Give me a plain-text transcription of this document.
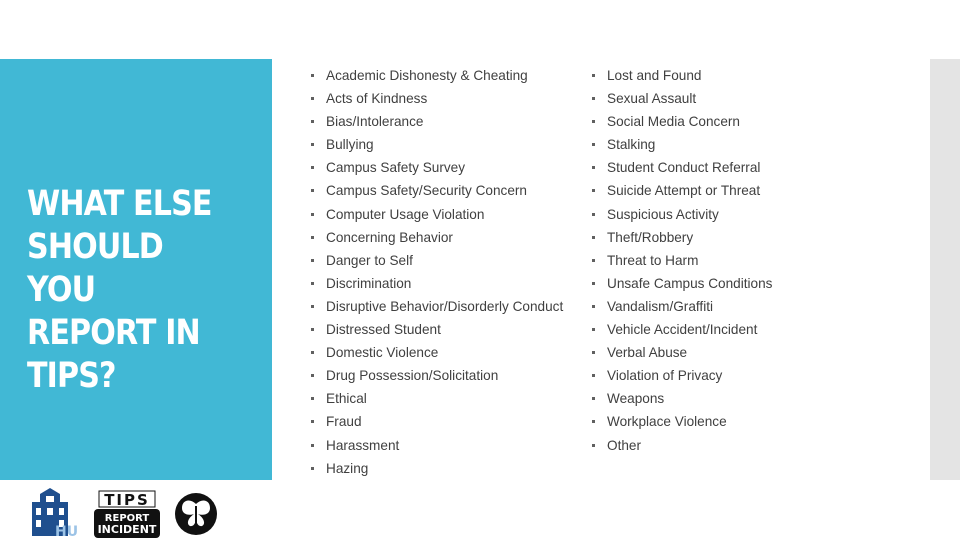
WHAT ELSE
SHOULD YOU
REPORT IN
TIPS?
Academic Dishonesty & Cheating
Acts of Kindness
Bias/Intolerance
Bullying
Campus Safety Survey
Campus Safety/Security Concern
Computer Usage Violation
Concerning Behavior
Danger to Self
Discrimination
Disruptive Behavior/Disorderly Conduct
Distressed Student
Domestic Violence
Drug Possession/Solicitation
Ethical
Fraud
Harassment
Hazing
Lost and Found
Sexual Assault
Social Media Concern
Stalking
Student Conduct Referral
Suicide Attempt or Threat
Suspicious Activity
Theft/Robbery
Threat to Harm
Unsafe Campus Conditions
Vandalism/Graffiti
Vehicle Accident/Incident
Verbal Abuse
Violation of Privacy
Weapons
Workplace Violence
Other
HU
TIPS
REPORT
INCIDENT
